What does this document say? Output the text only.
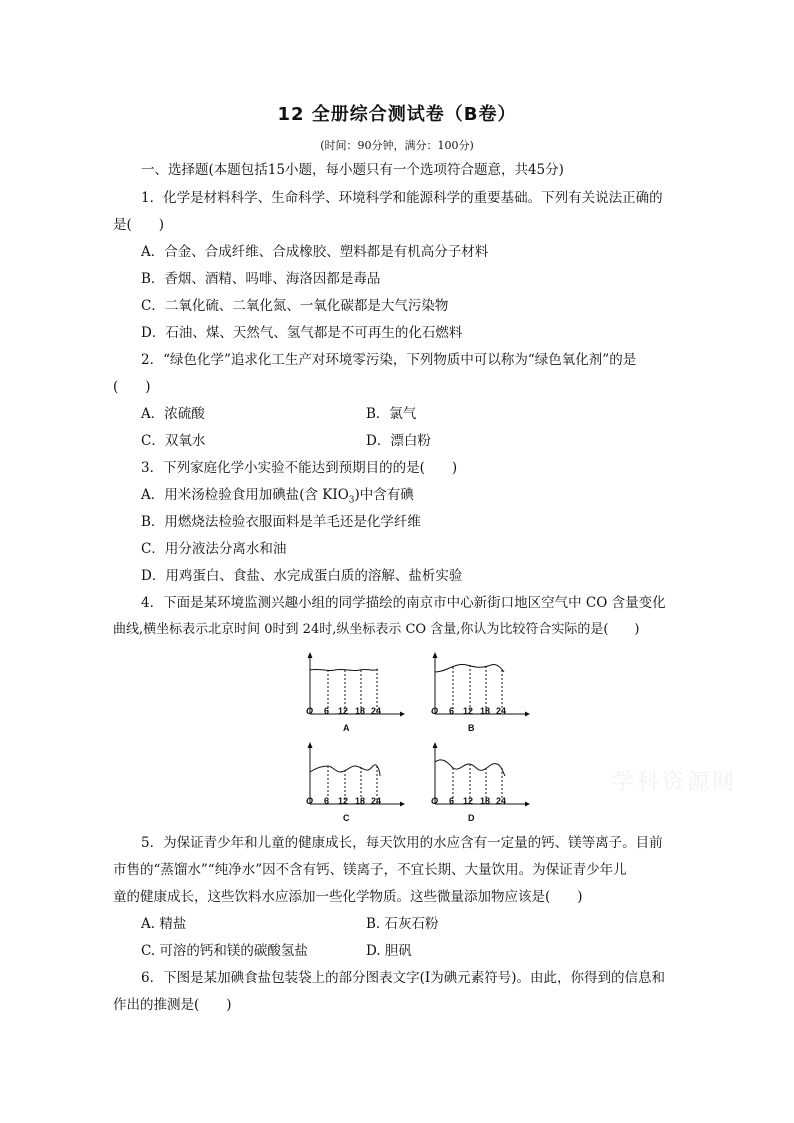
12 全册综合测试卷（B卷）
(时间：90分钟，满分：100分)
一、选择题(本题包括15小题，每小题只有一个选项符合题意，共45分)
1．化学是材料科学、生命科学、环境科学和能源科学的重要基础。下列有关说法正确的
是(　　)
A．合金、合成纤维、合成橡胶、塑料都是有机高分子材料
B．香烟、酒精、吗啡、海洛因都是毒品
C．二氧化硫、二氧化氮、一氧化碳都是大气污染物
D．石油、煤、天然气、氢气都是不可再生的化石燃料
2．“绿色化学”追求化工生产对环境零污染，下列物质中可以称为“绿色氧化剂”的是
(　　)
A．浓硫酸	B．氯气
C．双氧水	D．漂白粉
3．下列家庭化学小实验不能达到预期目的的是(　　)
A．用米汤检验食用加碘盐(含 $KIO_3$)中含有碘
B．用燃烧法检验衣服面料是羊毛还是化学纤维
C．用分液法分离水和油
D．用鸡蛋白、食盐、水完成蛋白质的溶解、盐析实验
4．下面是某环境监测兴趣小组的同学描绘的南京市中心新街口地区空气中 CO 含量变化
曲线,横坐标表示北京时间 0时到 24时,纵坐标表示 CO 含量,你认为比较符合实际的是(　　)
O 6 12 18 24
A
O 6 12 18 24
B
O 6 12 18 24
C
O 6 12 18 24
D
学科资源网
5．为保证青少年和儿童的健康成长，每天饮用的水应含有一定量的钙、镁等离子。目前
市售的“蒸馏水”“纯净水”因不含有钙、镁离子，不宜长期、大量饮用。为保证青少年儿
童的健康成长，这些饮料水应添加一些化学物质。这些微量添加物应该是(　　)
A. 精盐	B. 石灰石粉
C. 可溶的钙和镁的碳酸氢盐	D. 胆矾
6．下图是某加碘食盐包装袋上的部分图表文字(I为碘元素符号)。由此，你得到的信息和
作出的推测是(　　)
